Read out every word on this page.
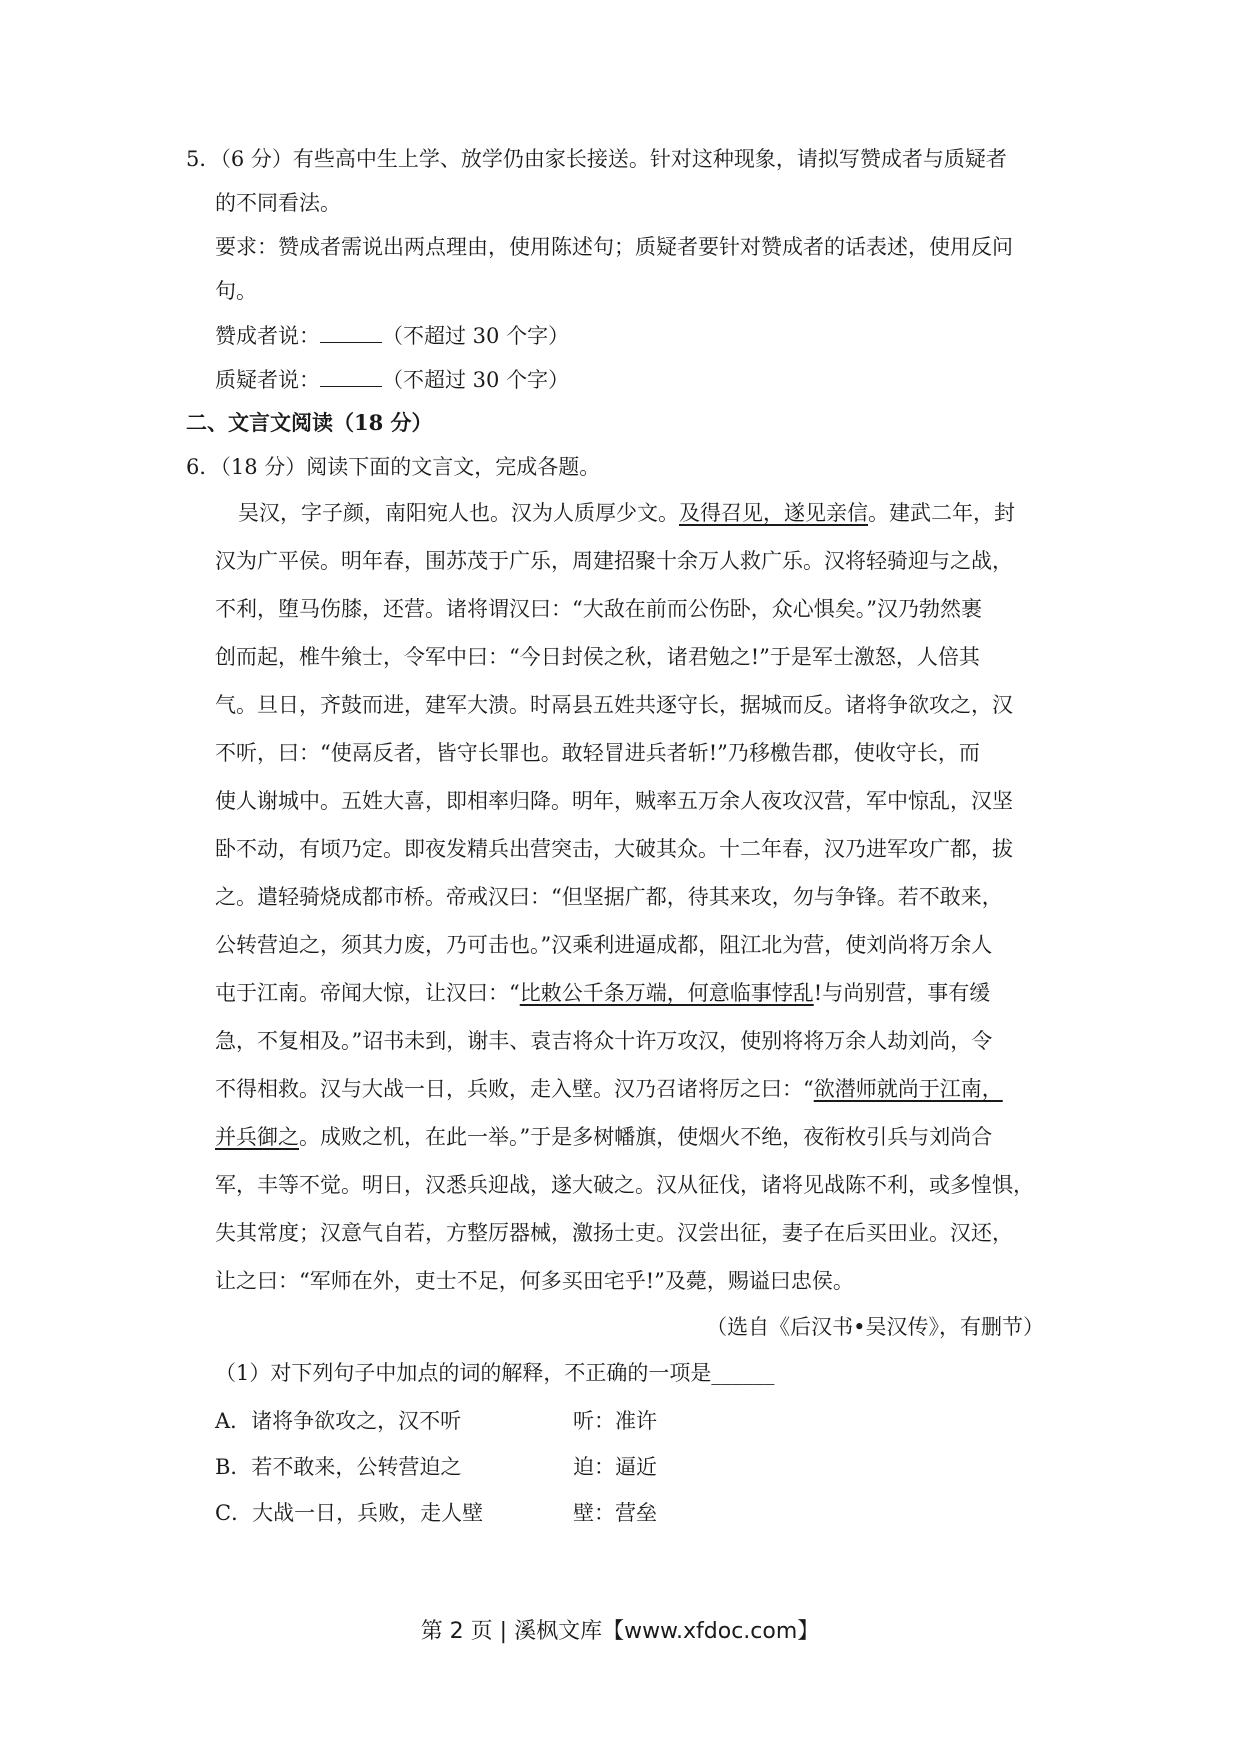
5．（6 分）有些高中生上学、放学仍由家长接送。针对这种现象，请拟写赞成者与质疑者
的不同看法。
要求：赞成者需说出两点理由，使用陈述句；质疑者要针对赞成者的话表述，使用反问
句。
赞成者说：	（不超过 30 个字）
质疑者说：	（不超过 30 个字）
二、文言文阅读（18 分）
6．（18 分）阅读下面的文言文，完成各题。
吴汉，字子颜，南阳宛人也。汉为人质厚少文。及得召见，遂见亲信。建武二年，封
汉为广平侯。明年春，围苏茂于广乐，周建招聚十余万人救广乐。汉将轻骑迎与之战，
不利，堕马伤膝，还营。诸将谓汉曰：“大敌在前而公伤卧，众心惧矣。”汉乃勃然裹
创而起，椎牛飨士，令军中曰：“今日封侯之秋，诸君勉之!”于是军士激怒，人倍其
气。旦日，齐鼓而进，建军大溃。时鬲县五姓共逐守长，据城而反。诸将争欲攻之，汉
不听，曰：“使鬲反者，皆守长罪也。敢轻冒进兵者斩!”乃移檄告郡，使收守长，而
使人谢城中。五姓大喜，即相率归降。明年，贼率五万余人夜攻汉营，军中惊乱，汉坚
卧不动，有顷乃定。即夜发精兵出营突击，大破其众。十二年春，汉乃进军攻广都，拔
之。遣轻骑烧成都市桥。帝戒汉曰：“但坚据广都，待其来攻，勿与争锋。若不敢来，
公转营迫之，须其力废，乃可击也。”汉乘利进逼成都，阻江北为营，使刘尚将万余人
屯于江南。帝闻大惊，让汉曰：“比敕公千条万端，何意临事悖乱!与尚别营，事有缓
急，不复相及。”诏书未到，谢丰、袁吉将众十许万攻汉，使别将将万余人劫刘尚，令
不得相救。汉与大战一日，兵败，走入壁。汉乃召诸将厉之曰：“欲潜师就尚于江南，
并兵御之。成败之机，在此一举。”于是多树幡旗，使烟火不绝，夜衔枚引兵与刘尚合
军，丰等不觉。明日，汉悉兵迎战，遂大破之。汉从征伐，诸将见战陈不利，或多惶惧，
失其常度；汉意气自若，方整厉器械，激扬士吏。汉尝出征，妻子在后买田业。汉还，
让之曰：“军师在外，吏士不足，何多买田宅乎!”及薨，赐谥曰忠侯。
（选自《后汉书•吴汉传》，有删节）
（1）对下列句子中加点的词的解释，不正确的一项是______
A．诸将争欲攻之，汉不听	听：准许
B．若不敢来，公转营迫之	迫：逼近
C．大战一日，兵败，走人壁	壁：营垒
第 2 页 | 溪枫文库【www.xfdoc.com】
